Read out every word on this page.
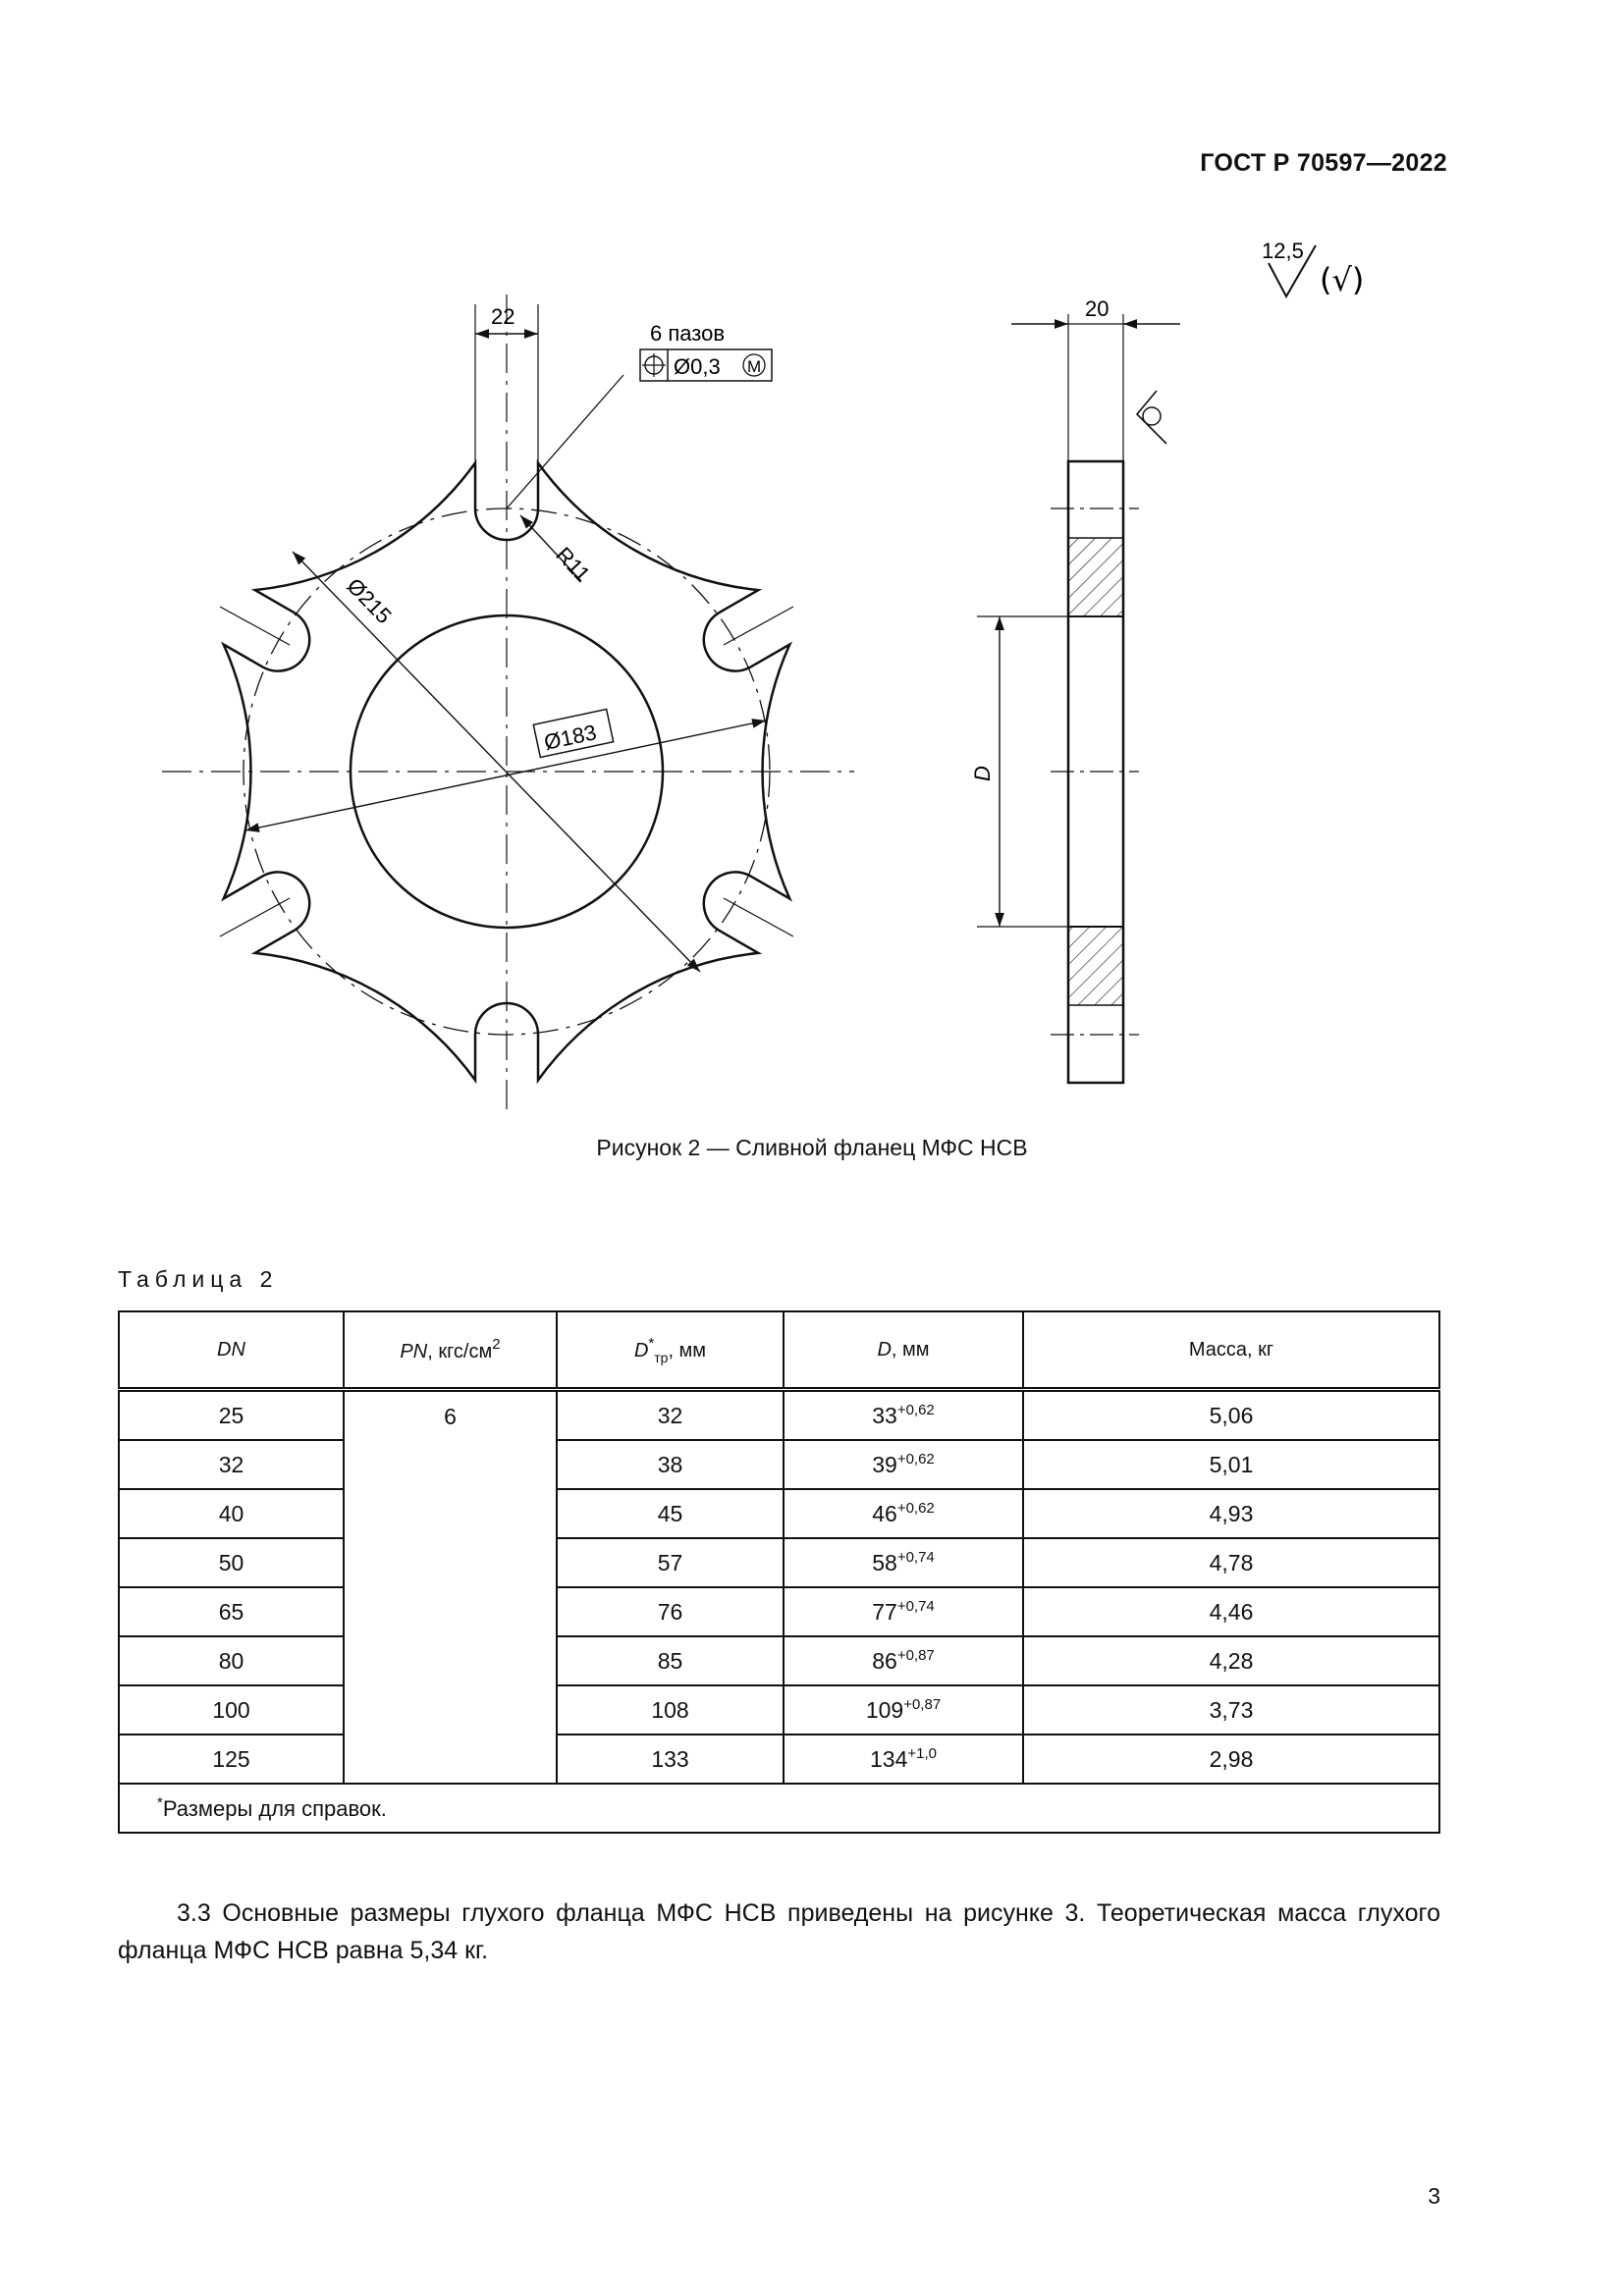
ГОСТ Р 70597—2022
12,5
(√)
22
6 пазов
Ø0,3 M
R11
Ø215
Ø183
20
D
Рисунок 2 — Сливной фланец МФС НСВ
Таблица 2
DN	PN, кгс/$см^2$	$D^*_{тр}$, мм	D, мм	Масса, кг
25	6	32	$33^{+0,62}$	5,06
32		38	$39^{+0,62}$	5,01
40		45	$46^{+0,62}$	4,93
50		57	$58^{+0,74}$	4,78
65		76	$77^{+0,74}$	4,46
80		85	$86^{+0,87}$	4,28
100		108	$109^{+0,87}$	3,73
125		133	$134^{+1,0}$	2,98
*Размеры для справок.				
3.3 Основные размеры глухого фланца МФС НСВ приведены на рисунке 3. Теоретическая масса глухого фланца МФС НСВ равна 5,34 кг.
3
